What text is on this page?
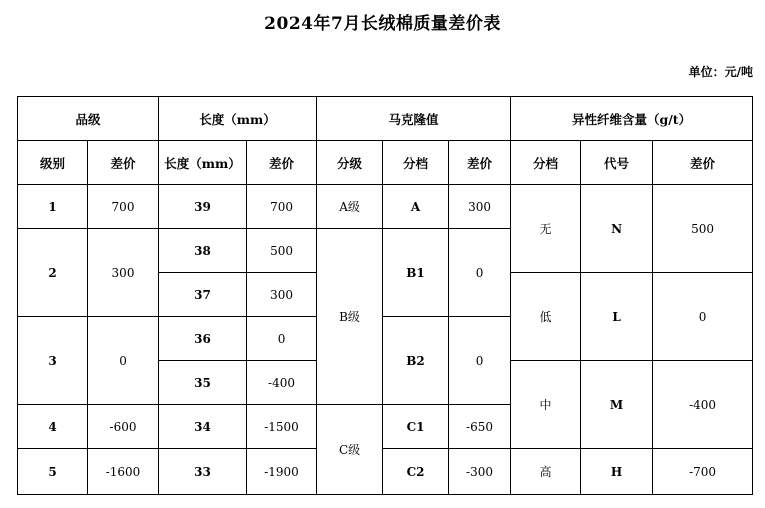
2024年7月长绒棉质量差价表
单位：元/吨
品级		长度（mm）		马克隆值			异性纤维含量（g/t）		
级别	差价	长度（mm）	差价	分级	分档	差价	分档	代号	差价
1	700	39	700	A级	A	300	无	N	500
2	300	38	500	B级	B1	0			
		37	300				低	L	0
3	0	36	0		B2	0			
		35	-400				中	M	-400
4	-600	34	-1500	C级	C1	-650			
5	-1600	33	-1900		C2	-300	高	H	-700
